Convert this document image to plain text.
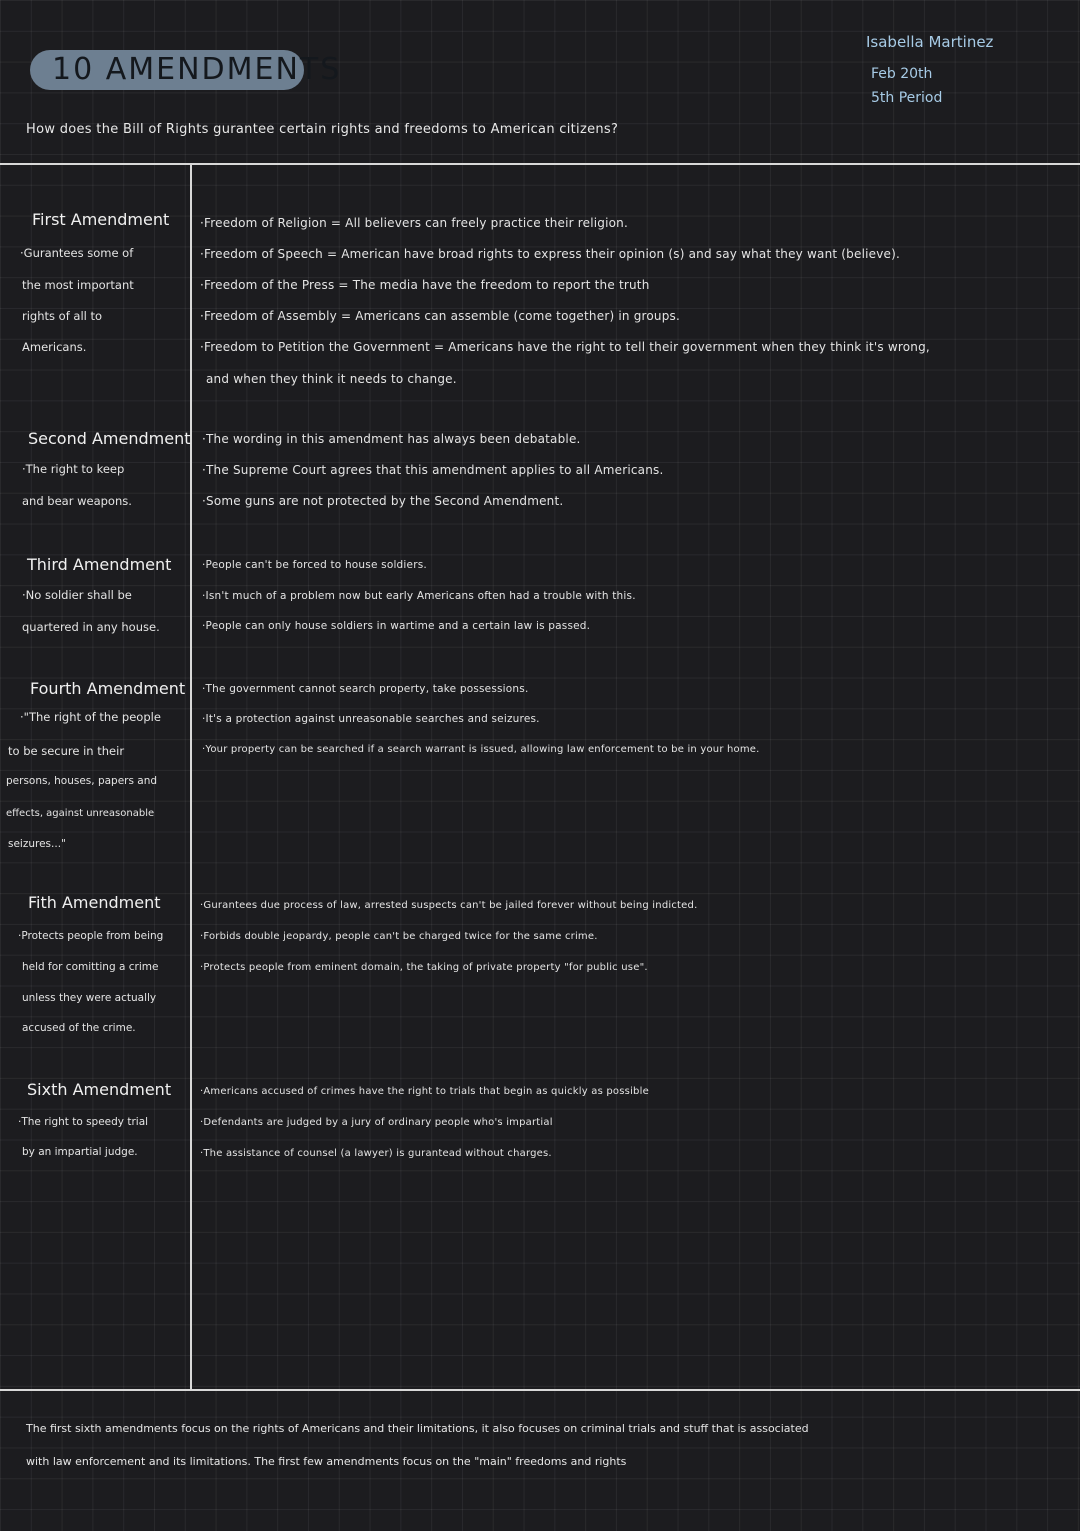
10 AMENDMENTS
Isabella Martinez
Feb 20th
5th Period
How does the Bill of Rights gurantee certain rights and freedoms to American citizens?
First Amendment
·Gurantees some of
the most important
rights of all to
Americans.
·Freedom of Religion = All believers can freely practice their religion.
·Freedom of Speech = American have broad rights to express their opinion (s) and say what they want (believe).
·Freedom of the Press = The media have the freedom to report the truth
·Freedom of Assembly = Americans can assemble (come together) in groups.
·Freedom to Petition the Government = Americans have the right to tell their government when they think it's wrong,
and when they think it needs to change.
Second Amendment
·The right to keep
and bear weapons.
·The wording in this amendment has always been debatable.
·The Supreme Court agrees that this amendment applies to all Americans.
·Some guns are not protected by the Second Amendment.
Third Amendment
·No soldier shall be
quartered in any house.
·People can't be forced to house soldiers.
·Isn't much of a problem now but early Americans often had a trouble with this.
·People can only house soldiers in wartime and a certain law is passed.
Fourth Amendment
·"The right of the people
to be secure in their
persons, houses, papers and
effects, against unreasonable
seizures..."
·The government cannot search property, take possessions.
·It's a protection against unreasonable searches and seizures.
·Your property can be searched if a search warrant is issued, allowing law enforcement to be in your home.
Fith Amendment
·Protects people from being
held for comitting a crime
unless they were actually
accused of the crime.
·Gurantees due process of law, arrested suspects can't be jailed forever without being indicted.
·Forbids double jeopardy, people can't be charged twice for the same crime.
·Protects people from eminent domain, the taking of private property "for public use".
Sixth Amendment
·The right to speedy trial
by an impartial judge.
·Americans accused of crimes have the right to trials that begin as quickly as possible
·Defendants are judged by a jury of ordinary people who's impartial
·The assistance of counsel (a lawyer) is gurantead without charges.
The first sixth amendments focus on the rights of Americans and their limitations, it also focuses on criminal trials and stuff that is associated
with law enforcement and its limitations. The first few amendments focus on the "main" freedoms and rights
